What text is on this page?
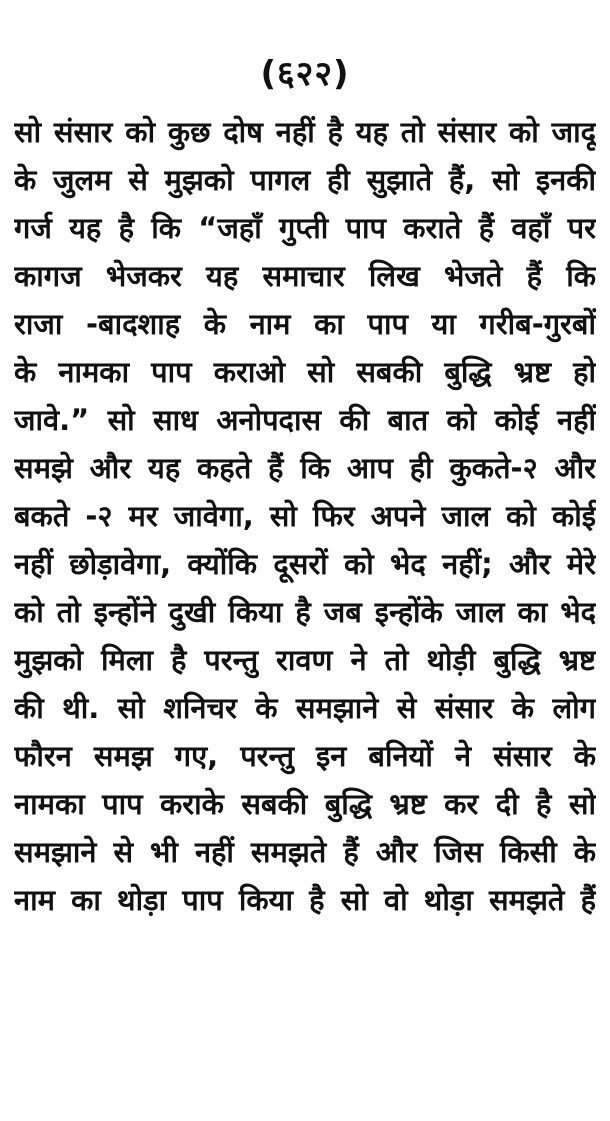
(६२२)
सो संसार को कुछ दोष नहीं है यह तो संसार को जादू
के जुलम से मुझको पागल ही सुझाते हैं, सो इनकी
गर्ज यह है कि “जहाँ गुप्ती पाप कराते हैं वहाँ पर
कागज भेजकर यह समाचार लिख भेजते हैं कि
राजा -बादशाह के नाम का पाप या गरीब-गुरबों
के नामका पाप कराओ सो सबकी बुद्धि भ्रष्ट हो
जावे.” सो साध अनोपदास की बात को कोई नहीं
समझे और यह कहते हैं कि आप ही कुकते-२ और
बकते -२ मर जावेगा, सो फिर अपने जाल को कोई
नहीं छोड़ावेगा, क्योंकि दूसरों को भेद नहीं; और मेरे
को तो इन्होंने दुखी किया है जब इन्होंके जाल का भेद
मुझको मिला है परन्तु रावण ने तो थोड़ी बुद्धि भ्रष्ट
की थी. सो शनिचर के समझाने से संसार के लोग
फौरन समझ गए, परन्तु इन बनियों ने संसार के
नामका पाप कराके सबकी बुद्धि भ्रष्ट कर दी है सो
समझाने से भी नहीं समझते हैं और जिस किसी के
नाम का थोड़ा पाप किया है सो वो थोड़ा समझते हैं
